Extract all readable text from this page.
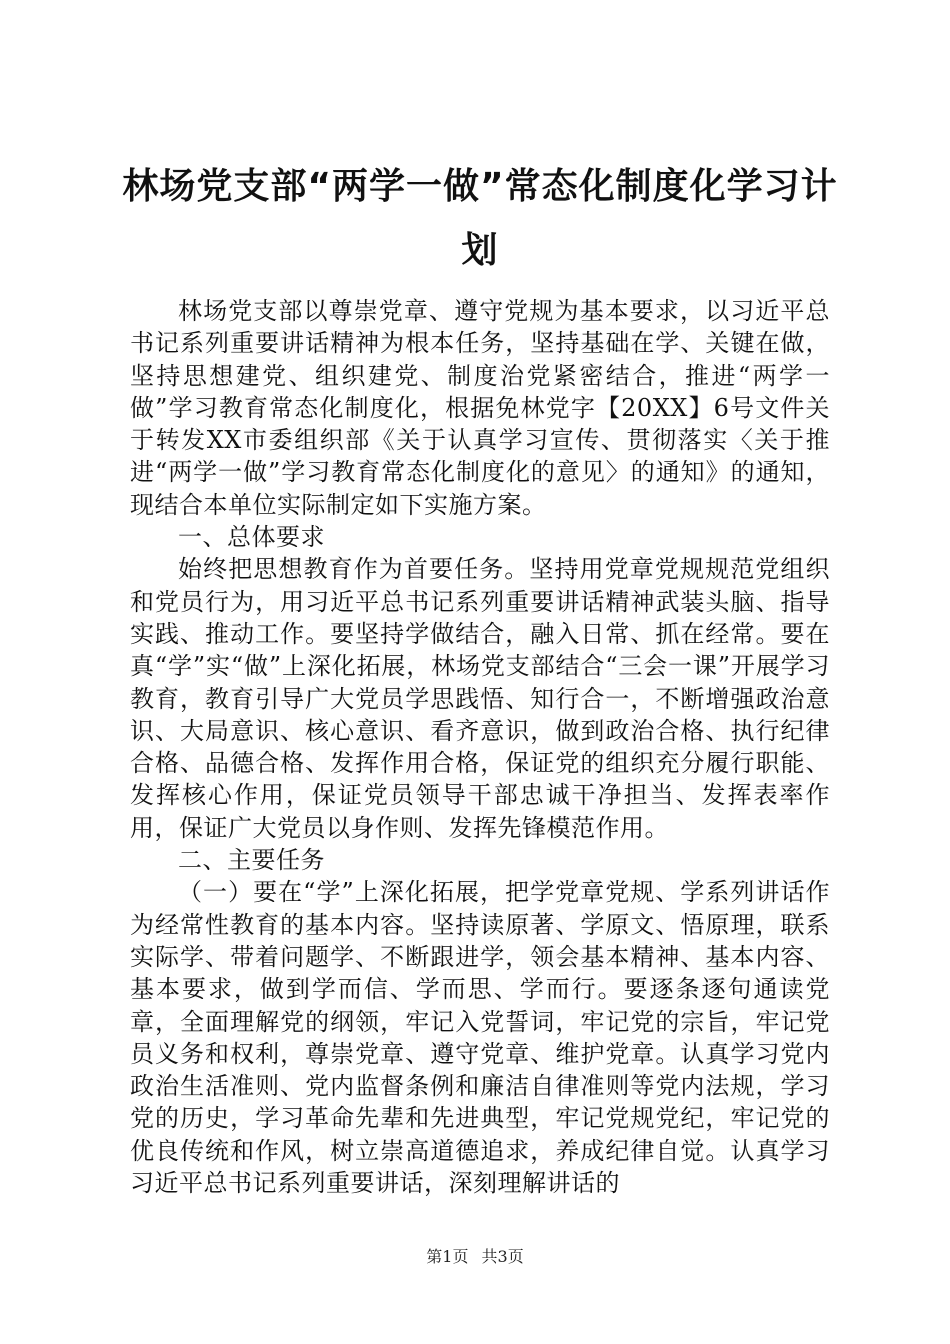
林场党支部“两学一做”常态化制度化学习计划

林场党支部以尊崇党章、遵守党规为基本要求，以习近平总书记系列重要讲话精神为根本任务，坚持基础在学、关键在做，坚持思想建党、组织建党、制度治党紧密结合，推进“两学一做”学习教育常态化制度化，根据免林党字【20XX】6号文件关于转发XX市委组织部《关于认真学习宣传、贯彻落实〈关于推进“两学一做”学习教育常态化制度化的意见〉的通知》的通知，现结合本单位实际制定如下实施方案。

一、总体要求

始终把思想教育作为首要任务。坚持用党章党规规范党组织和党员行为，用习近平总书记系列重要讲话精神武装头脑、指导实践、推动工作。要坚持学做结合，融入日常、抓在经常。要在真“学”实“做”上深化拓展，林场党支部结合“三会一课”开展学习教育，教育引导广大党员学思践悟、知行合一，不断增强政治意识、大局意识、核心意识、看齐意识，做到政治合格、执行纪律合格、品德合格、发挥作用合格，保证党的组织充分履行职能、发挥核心作用，保证党员领导干部忠诚干净担当、发挥表率作用，保证广大党员以身作则、发挥先锋模范作用。

二、主要任务

（一）要在“学”上深化拓展，把学党章党规、学系列讲话作为经常性教育的基本内容。坚持读原著、学原文、悟原理，联系实际学、带着问题学、不断跟进学，领会基本精神、基本内容、基本要求，做到学而信、学而思、学而行。要逐条逐句通读党章，全面理解党的纲领，牢记入党誓词，牢记党的宗旨，牢记党员义务和权利，尊崇党章、遵守党章、维护党章。认真学习党内政治生活准则、党内监督条例和廉洁自律准则等党内法规，学习党的历史，学习革命先辈和先进典型，牢记党规党纪，牢记党的优良传统和作风，树立崇高道德追求，养成纪律自觉。认真学习习近平总书记系列重要讲话，深刻理解讲话的

第1页 共3页
